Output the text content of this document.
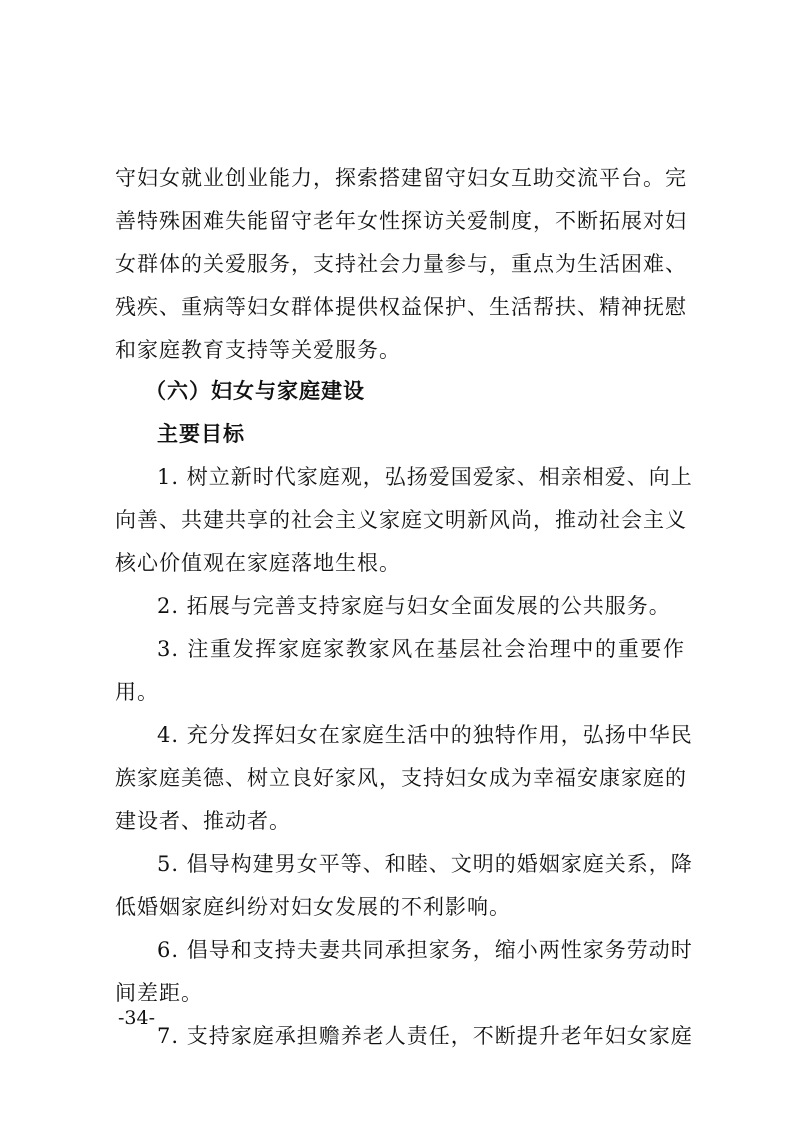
守妇女就业创业能力，探索搭建留守妇女互助交流平台。完
善特殊困难失能留守老年女性探访关爱制度，不断拓展对妇
女群体的关爱服务，支持社会力量参与，重点为生活困难、
残疾、重病等妇女群体提供权益保护、生活帮扶、精神抚慰
和家庭教育支持等关爱服务。
（六）妇女与家庭建设
主要目标
1. 树立新时代家庭观，弘扬爱国爱家、相亲相爱、向上
向善、共建共享的社会主义家庭文明新风尚，推动社会主义
核心价值观在家庭落地生根。
2. 拓展与完善支持家庭与妇女全面发展的公共服务。
3. 注重发挥家庭家教家风在基层社会治理中的重要作
用。
4. 充分发挥妇女在家庭生活中的独特作用，弘扬中华民
族家庭美德、树立良好家风，支持妇女成为幸福安康家庭的
建设者、推动者。
5. 倡导构建男女平等、和睦、文明的婚姻家庭关系，降
低婚姻家庭纠纷对妇女发展的不利影响。
6. 倡导和支持夫妻共同承担家务，缩小两性家务劳动时
间差距。
7. 支持家庭承担赡养老人责任，不断提升老年妇女家庭
-34-
